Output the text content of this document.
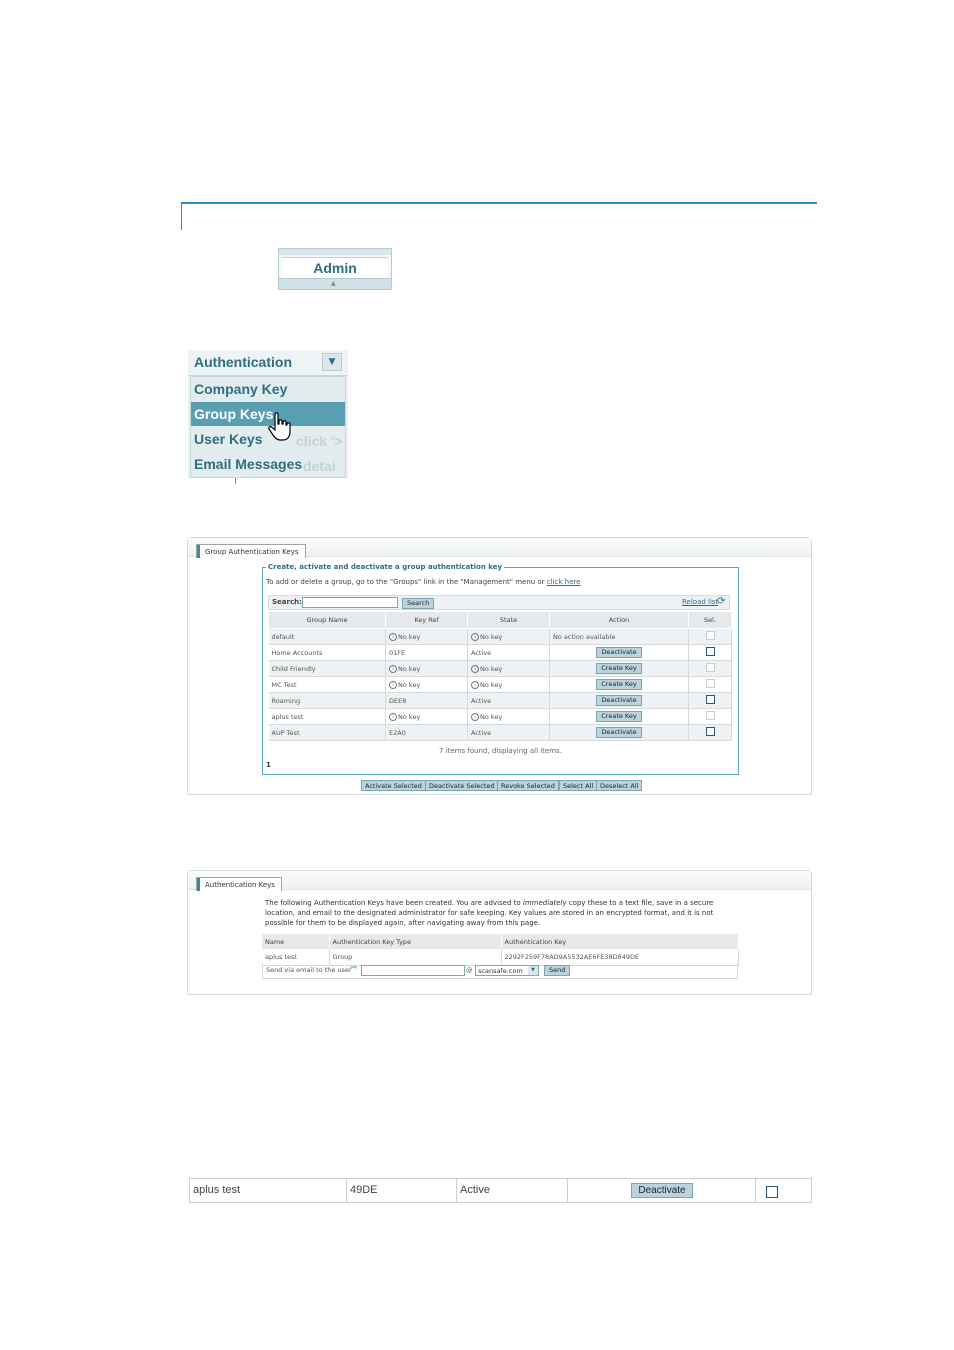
Admin
▲
Authentication	▼
Company Key
Group Keys
User Keys
Email Messages
click '>
detai
Group Authentication Keys
Create, activate and deactivate a group authentication key
To add or delete a group, go to the "Groups" link in the "Management" menu or click here
Search:	Search	Reload list
⟳
Group Name	Key Ref	State	Action	Sel.
default	i No key	i No key	No action available	
Home Accounts	01FE	Active	Deactivate	
Child Friendly	i No key	i No key	Create Key	
MC Test	i No key	i No key	Create Key	
Roaming	DEE8	Active	Deactivate	
aplus test	i No key	i No key	Create Key	
AUP Test	E2A0	Active	Deactivate	
7 items found, displaying all items.
1
Activate Selected	Deactivate Selected Revoke Selected	Select All	Deselect All
Authentication Keys
The following Authentication Keys have been created. You are advised to immediately copy these to a text file, save in a secure location, and email to the designated administrator for safe keeping. Key values are stored in an encrypted format, and it is not possible for them to be displayed again, after navigating away from this page.
Name	Authentication Key Type	Authentication Key
aplus test	Group	2292F259F78AD9A5532AE6FE38D849DE
Send via email to the user
➡	@ scansafe.com	▼	Send
aplus test	49DE	Active	Deactivate
